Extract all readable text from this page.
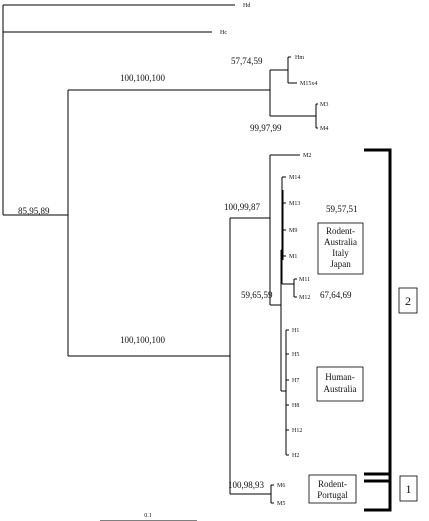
Hd
Hc
Hm
M15x4
M3
M4
M2
M14
M13
M9
M1
M11
M12
H1
H5
H7
H8
H12
H2
M6
M5
85,95,89
100,100,100
57,74,59
99,97,99
100,100,100
100,99,87	59,57,51
59,65,59	67,64,69
100,98,93
Rodent-
Australia
Italy
Japan
Human-
Australia
Rodent-
Portugal
2
1
0.1
